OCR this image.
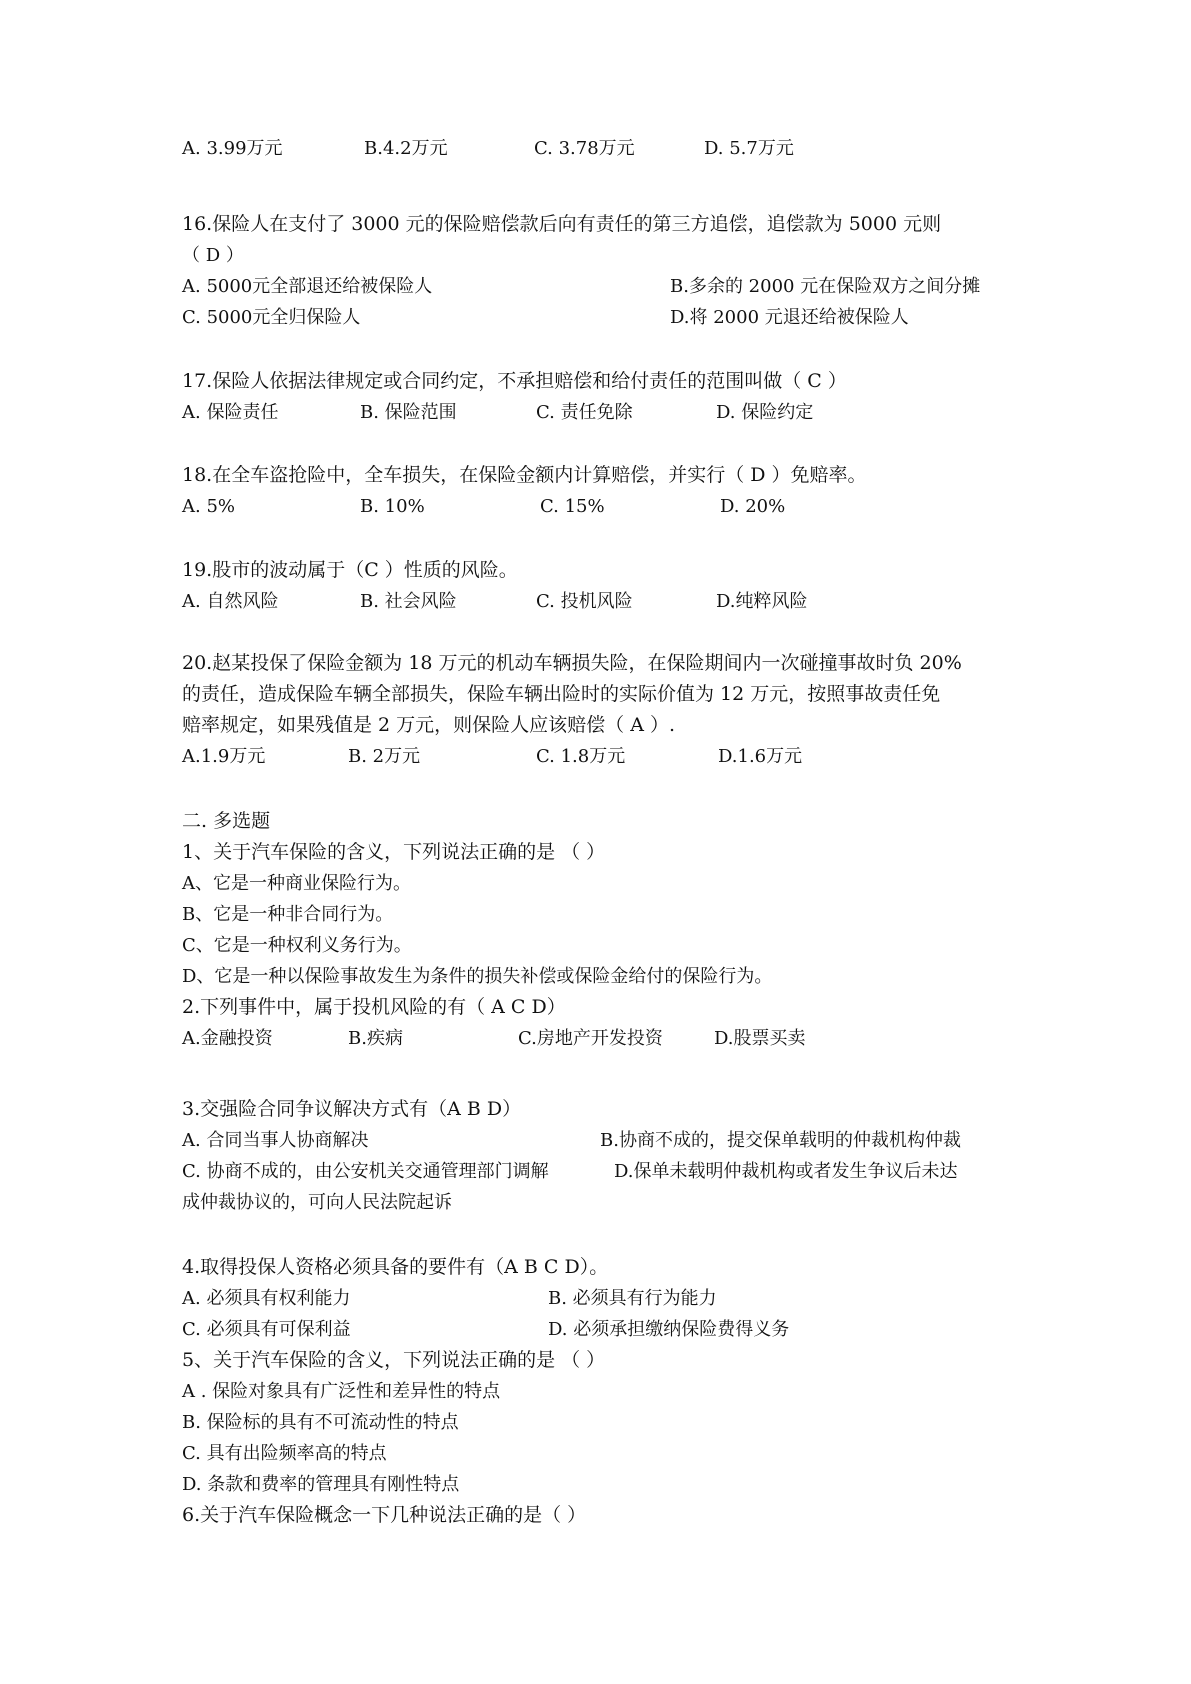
A. 3.99万元	B.4.2万元	C. 3.78万元	D. 5.7万元
16.保险人在支付了 3000 元的保险赔偿款后向有责任的第三方追偿，追偿款为 5000 元则
（ D ）
A. 5000元全部退还给被保险人	B.多余的 2000 元在保险双方之间分摊
C. 5000元全归保险人	D.将 2000 元退还给被保险人
17.保险人依据法律规定或合同约定，不承担赔偿和给付责任的范围叫做（ C ）
A. 保险责任	B. 保险范围	C. 责任免除	D. 保险约定
18.在全车盗抢险中，全车损失，在保险金额内计算赔偿，并实行（ D ）免赔率。
A. 5%	B. 10%	C. 15%	D. 20%
19.股市的波动属于（C ）性质的风险。
A. 自然风险	B. 社会风险	C. 投机风险	D.纯粹风险
20.赵某投保了保险金额为 18 万元的机动车辆损失险，在保险期间内一次碰撞事故时负 20%
的责任，造成保险车辆全部损失，保险车辆出险时的实际价值为 12 万元，按照事故责任免
赔率规定，如果残值是 2 万元，则保险人应该赔偿（ A ）.
A.1.9万元	B. 2万元	C. 1.8万元	D.1.6万元
二. 多选题
1、关于汽车保险的含义，下列说法正确的是 （ ）
A、它是一种商业保险行为。
B、它是一种非合同行为。
C、它是一种权利义务行为。
D、它是一种以保险事故发生为条件的损失补偿或保险金给付的保险行为。
2.下列事件中，属于投机风险的有（ A C D）
A.金融投资	B.疾病	C.房地产开发投资	D.股票买卖
3.交强险合同争议解决方式有（A B D）
A. 合同当事人协商解决	B.协商不成的，提交保单载明的仲裁机构仲裁
C. 协商不成的，由公安机关交通管理部门调解	D.保单未载明仲裁机构或者发生争议后未达
成仲裁协议的，可向人民法院起诉
4.取得投保人资格必须具备的要件有（A B C D）。
A. 必须具有权利能力	B. 必须具有行为能力
C. 必须具有可保利益	D. 必须承担缴纳保险费得义务
5、关于汽车保险的含义，下列说法正确的是 （ ）
A . 保险对象具有广泛性和差异性的特点
B. 保险标的具有不可流动性的特点
C. 具有出险频率高的特点
D. 条款和费率的管理具有刚性特点
6.关于汽车保险概念一下几种说法正确的是（ ）
